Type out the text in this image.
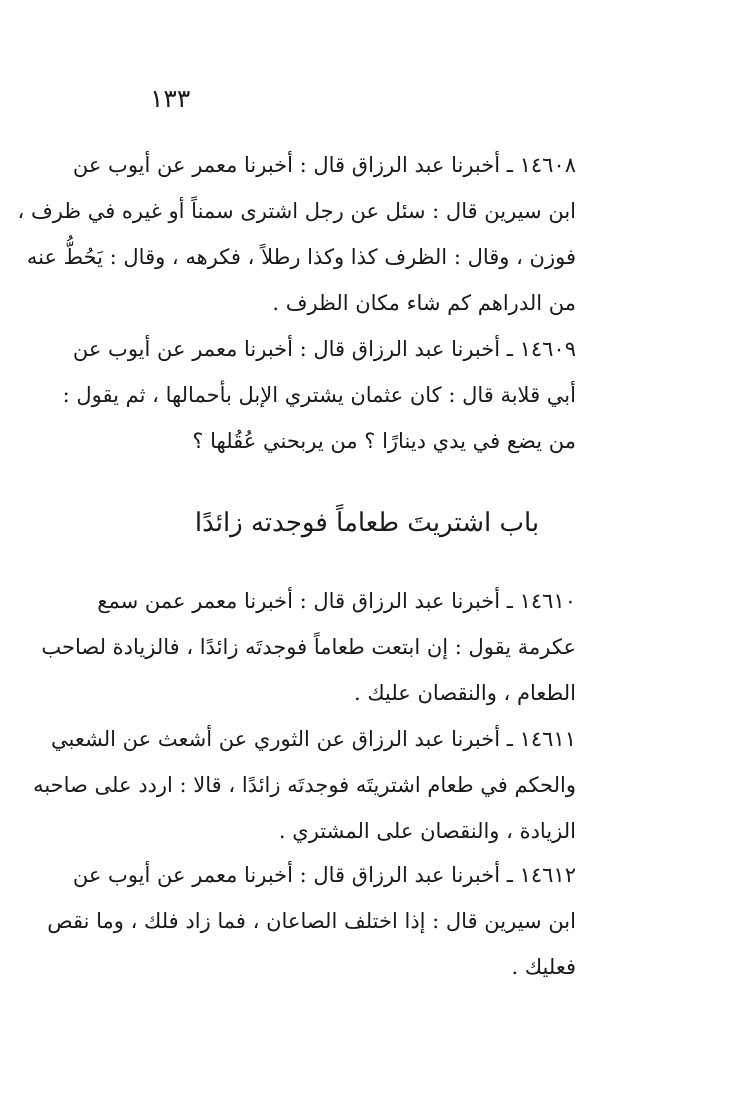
١٣٣
١٤٦٠٨ ـ أخبرنا عبد الرزاق قال : أخبرنا معمر عن أيوب عن
ابن سيرين قال : سئل عن رجل اشترى سمناً أو غيره في ظرف ،
فوزن ، وقال : الظرف كذا وكذا رطلاً ، فكرهه ، وقال : يَحُطُّ عنه
من الدراهم كم شاء مكان الظرف .
١٤٦٠٩ ـ أخبرنا عبد الرزاق قال : أخبرنا معمر عن أيوب عن
أبي قلابة قال : كان عثمان يشتري الإبل بأحمالها ، ثم يقول :
من يضع في يدي دينارًا ؟ من يربحني عُقُلها ؟
باب اشتريتَ طعاماً فوجدته زائدًا
١٤٦١٠ ـ أخبرنا عبد الرزاق قال : أخبرنا معمر عمن سمع
عكرمة يقول : إن ابتعت طعاماً فوجدتَه زائدًا ، فالزيادة لصاحب
الطعام ، والنقصان عليك .
١٤٦١١ ـ أخبرنا عبد الرزاق عن الثوري عن أشعث عن الشعبي
والحكم في طعام اشتريتَه فوجدتَه زائدًا ، قالا : اردد على صاحبه
الزيادة ، والنقصان على المشتري .
١٤٦١٢ ـ أخبرنا عبد الرزاق قال : أخبرنا معمر عن أيوب عن
ابن سيرين قال : إذا اختلف الصاعان ، فما زاد فلك ، وما نقص
فعليك .
